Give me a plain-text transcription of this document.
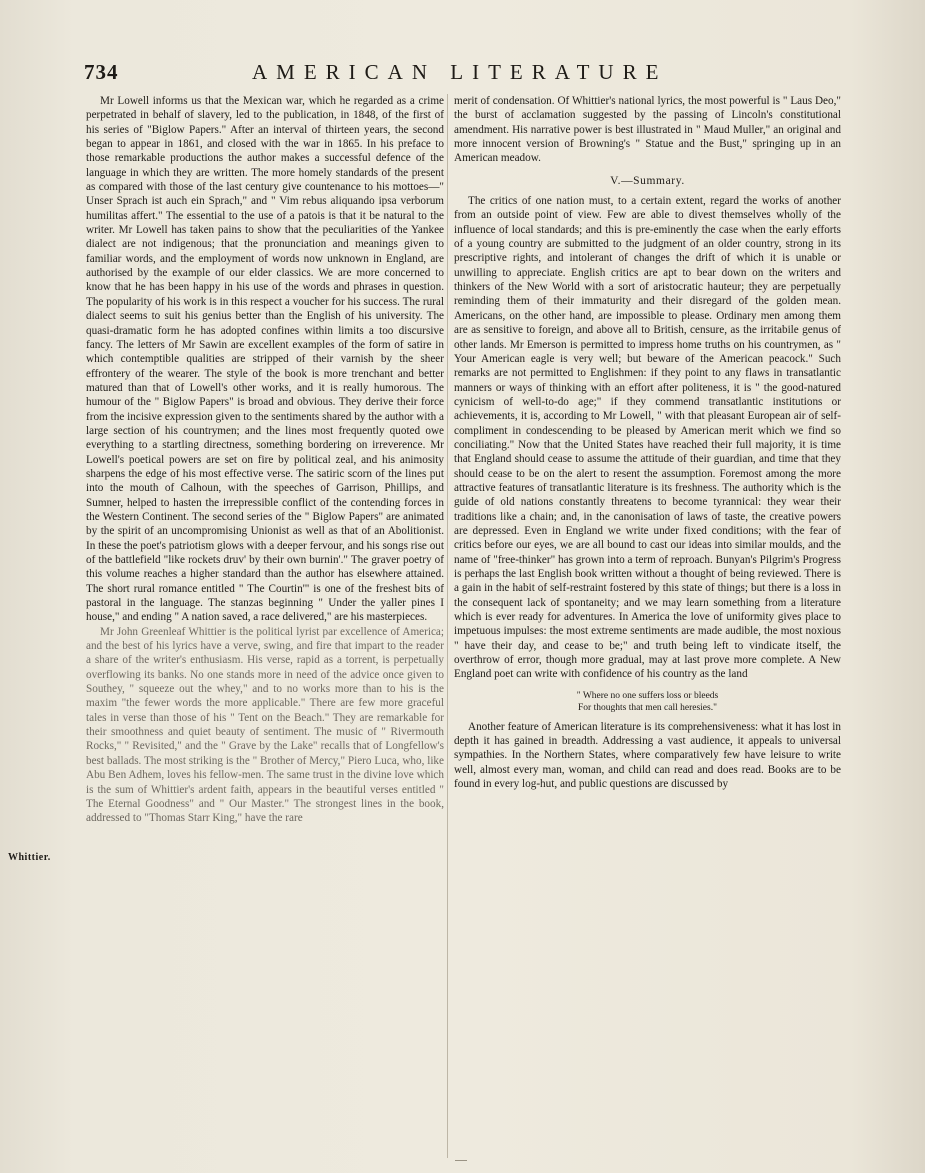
734	AMERICAN LITERATURE
Whittier.

Mr Lowell informs us that the Mexican war, which he regarded as a crime perpetrated in behalf of slavery, led to the publication, in 1848, of the first of his series of "Biglow Papers." After an interval of thirteen years, the second began to appear in 1861, and closed with the war in 1865. In his preface to those remarkable productions the author makes a successful defence of the language in which they are written. The more homely standards of the present as compared with those of the last century give countenance to his mottoes—" Unser Sprach ist auch ein Sprach," and " Vim rebus aliquando ipsa verborum humilitas affert." The essential to the use of a patois is that it be natural to the writer. Mr Lowell has taken pains to show that the peculiarities of the Yankee dialect are not indigenous; that the pronunciation and meanings given to familiar words, and the employment of words now unknown in England, are authorised by the example of our elder classics. We are more concerned to know that he has been happy in his use of the words and phrases in question. The popularity of his work is in this respect a voucher for his success. The rural dialect seems to suit his genius better than the English of his university. The quasi-dramatic form he has adopted confines within limits a too discursive fancy. The letters of Mr Sawin are excellent examples of the form of satire in which contemptible qualities are stripped of their varnish by the sheer effrontery of the wearer. The style of the book is more trenchant and better matured than that of Lowell's other works, and it is really humorous. The humour of the " Biglow Papers" is broad and obvious. They derive their force from the incisive expression given to the sentiments shared by the author with a large section of his countrymen; and the lines most frequently quoted owe everything to a startling directness, something bordering on irreverence. Mr Lowell's poetical powers are set on fire by political zeal, and his animosity sharpens the edge of his most effective verse. The satiric scorn of the lines put into the mouth of Calhoun, with the speeches of Garrison, Phillips, and Sumner, helped to hasten the irrepressible conflict of the contending forces in the Western Continent. The second series of the " Biglow Papers" are animated by the spirit of an uncompromising Unionist as well as that of an Abolitionist. In these the poet's patriotism glows with a deeper fervour, and his songs rise out of the battlefield "like rockets druv' by their own burnin'." The graver poetry of this volume reaches a higher standard than the author has elsewhere attained. The short rural romance entitled " The Courtin'" is one of the freshest bits of pastoral in the language. The stanzas beginning " Under the yaller pines I house," and ending " A nation saved, a race delivered," are his masterpieces.

Mr John Greenleaf Whittier is the political lyrist par excellence of America; and the best of his lyrics have a verve, swing, and fire that impart to the reader a share of the writer's enthusiasm. His verse, rapid as a torrent, is perpetually overflowing its banks. No one stands more in need of the advice once given to Southey, " squeeze out the whey," and to no works more than to his is the maxim "the fewer words the more applicable." There are few more graceful tales in verse than those of his " Tent on the Beach." They are remarkable for their smoothness and quiet beauty of sentiment. The music of " Rivermouth Rocks," " Revisited," and the " Grave by the Lake" recalls that of Longfellow's best ballads. The most striking is the " Brother of Mercy," Piero Luca, who, like Abu Ben Adhem, loves his fellow-men. The same trust in the divine love which is the sum of Whittier's ardent faith, appears in the beautiful verses entitled " The Eternal Goodness" and " Our Master." The strongest lines in the book, addressed to "Thomas Starr King," have the rare

merit of condensation. Of Whittier's national lyrics, the most powerful is " Laus Deo," the burst of acclamation suggested by the passing of Lincoln's constitutional amendment. His narrative power is best illustrated in " Maud Muller," an original and more innocent version of Browning's " Statue and the Bust," springing up in an American meadow.

V.—Summary.

The critics of one nation must, to a certain extent, regard the works of another from an outside point of view. Few are able to divest themselves wholly of the influence of local standards; and this is pre-eminently the case when the early efforts of a young country are submitted to the judgment of an older country, strong in its prescriptive rights, and intolerant of changes the drift of which it is unable or unwilling to appreciate. English critics are apt to bear down on the writers and thinkers of the New World with a sort of aristocratic hauteur; they are perpetually reminding them of their immaturity and their disregard of the golden mean. Americans, on the other hand, are impossible to please. Ordinary men among them are as sensitive to foreign, and above all to British, censure, as the irritabile genus of other lands. Mr Emerson is permitted to impress home truths on his countrymen, as " Your American eagle is very well; but beware of the American peacock." Such remarks are not permitted to Englishmen: if they point to any flaws in transatlantic manners or ways of thinking with an effort after politeness, it is " the good-natured cynicism of well-to-do age;" if they commend transatlantic institutions or achievements, it is, according to Mr Lowell, " with that pleasant European air of self-compliment in condescending to be pleased by American merit which we find so conciliating." Now that the United States have reached their full majority, it is time that England should cease to assume the attitude of their guardian, and time that they should cease to be on the alert to resent the assumption. Foremost among the more attractive features of transatlantic literature is its freshness. The authority which is the guide of old nations constantly threatens to become tyrannical: they wear their traditions like a chain; and, in the canonisation of laws of taste, the creative powers are depressed. Even in England we write under fixed conditions; with the fear of critics before our eyes, we are all bound to cast our ideas into similar moulds, and the name of "free-thinker" has grown into a term of reproach. Bunyan's Pilgrim's Progress is perhaps the last English book written without a thought of being reviewed. There is a gain in the habit of self-restraint fostered by this state of things; but there is a loss in the consequent lack of spontaneity; and we may learn something from a literature which is ever ready for adventures. In America the love of uniformity gives place to impetuous impulses: the most extreme sentiments are made audible, the most noxious " have their day, and cease to be;" and truth being left to vindicate itself, the overthrow of error, though more gradual, may at last prove more complete. A New England poet can write with confidence of his country as the land

" Where no one suffers loss or bleeds
For thoughts that men call heresies."

Another feature of American literature is its comprehensiveness: what it has lost in depth it has gained in breadth. Addressing a vast audience, it appeals to universal sympathies. In the Northern States, where comparatively few have leisure to write well, almost every man, woman, and child can read and does read. Books are to be found in every log-hut, and public questions are discussed by
